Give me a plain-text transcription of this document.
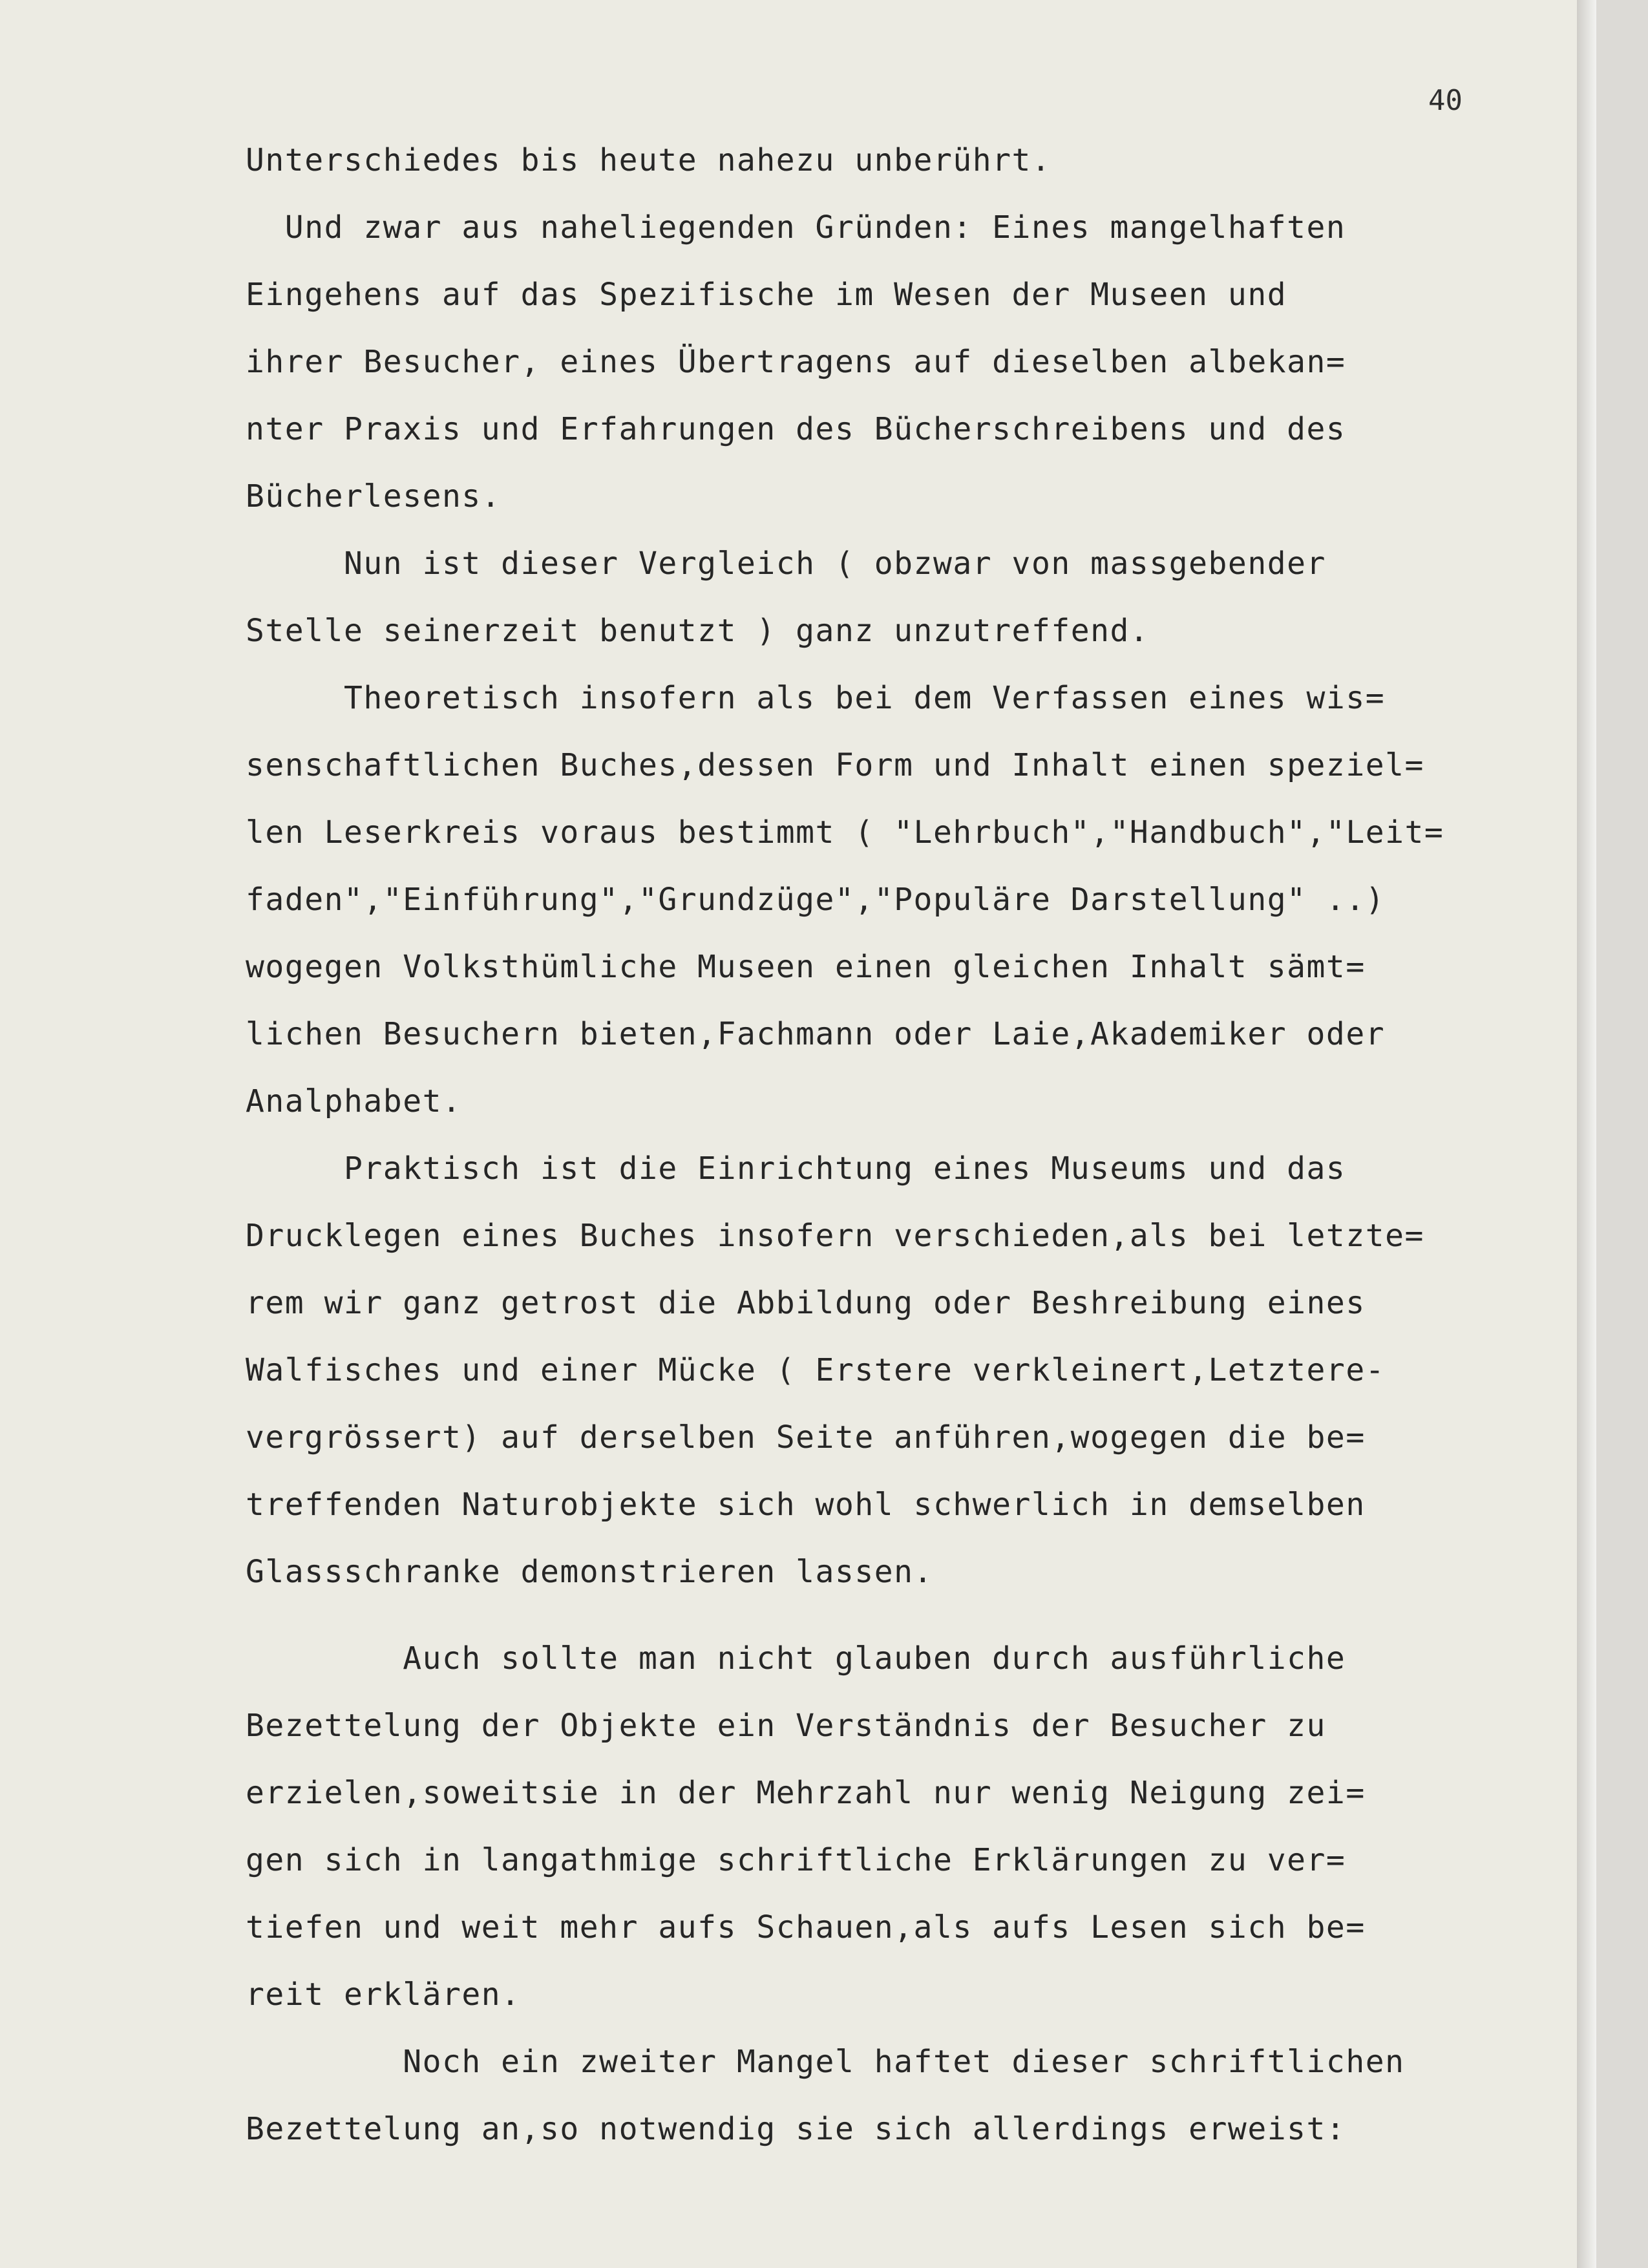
40
Unterschiedes bis heute nahezu unberührt.
Und zwar aus naheliegenden Gründen: Eines mangelhaften
Eingehens auf das Spezifische im Wesen der Museen und
ihrer Besucher, eines Übertragens auf dieselben albekan=
nter Praxis und Erfahrungen des Bücherschreibens und des
Bücherlesens.
Nun ist dieser Vergleich ( obzwar von massgebender
Stelle seinerzeit benutzt ) ganz unzutreffend.
Theoretisch insofern als bei dem Verfassen eines wis=
senschaftlichen Buches,dessen Form und Inhalt einen speziel=
len Leserkreis voraus bestimmt ( "Lehrbuch","Handbuch","Leit=
faden","Einführung","Grundzüge","Populäre Darstellung" ..)
wogegen Volksthümliche Museen einen gleichen Inhalt sämt=
lichen Besuchern bieten,Fachmann oder Laie,Akademiker oder
Analphabet.
Praktisch ist die Einrichtung eines Museums und das
Drucklegen eines Buches insofern verschieden,als bei letzte=
rem wir ganz getrost die Abbildung oder Beshreibung eines
Walfisches und einer Mücke ( Erstere verkleinert,Letztere-
vergrössert) auf derselben Seite anführen,wogegen die be=
treffenden Naturobjekte sich wohl schwerlich in demselben
Glassschranke demonstrieren lassen.
Auch sollte man nicht glauben durch ausführliche
Bezettelung der Objekte ein Verständnis der Besucher zu
erzielen,soweitsie in der Mehrzahl nur wenig Neigung zei=
gen sich in langathmige schriftliche Erklärungen zu ver=
tiefen und weit mehr aufs Schauen,als aufs Lesen sich be=
reit erklären.
Noch ein zweiter Mangel haftet dieser schriftlichen
Bezettelung an,so notwendig sie sich allerdings erweist:
